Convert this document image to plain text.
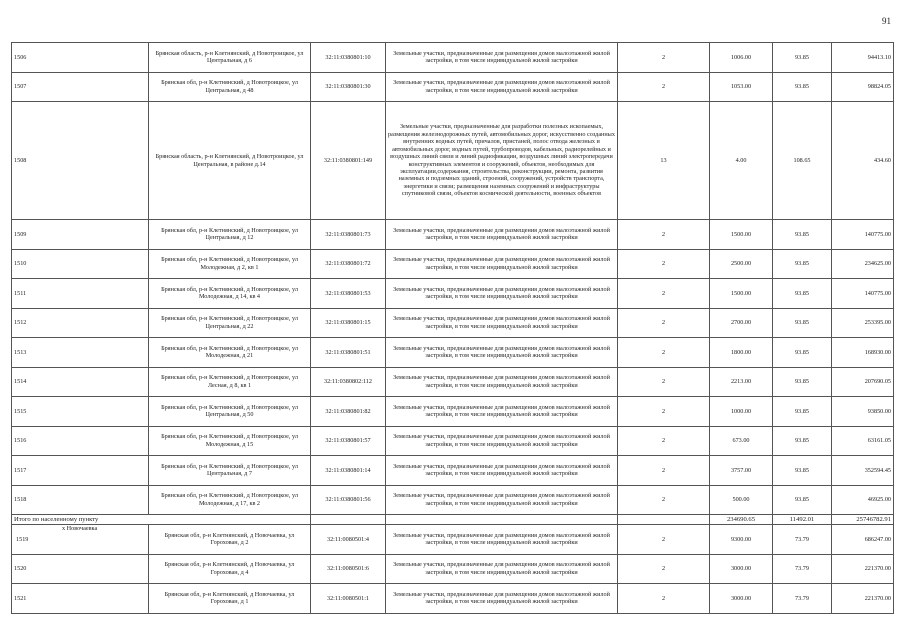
91
1506	Брянская область, р-н Клетнянский, д Новотроицкое, ул Центральная, д 6	32:11:0380801:10	Земельные участки, предназначенные для размещения домов малоэтажной жилой застройки, в том числе индивидуальной жилой застройки	2	1006.00	93.85	94413.10
1507	Брянская обл, р-н Клетнянский, д Новотроицкое, ул Центральная, д 48	32:11:0380801:30	Земельные участки, предназначенные для размещения домов малоэтажной жилой застройки, в том числе индивидуальной жилой застройки	2	1053.00	93.85	98824.05
1508	Брянская область, р-н Клетнянский, д Новотроицкое, ул Центральная, в районе д.14	32:11:0380801:149	Земельные участки, предназначенные для разработки полезных ископаемых, размещения железнодорожных путей, автомобильных дорог, искусственно созданных внутренних водных путей, причалов, пристаней, полос отвода железных и автомобильных дорог, водных путей, трубопроводов, кабельных, радиорелейных и воздушных линий связи и линий радиофикации, воздушных линий электропередачи конструктивных элементов и сооружений, объектов, необходимых для эксплуатации,содержания, строительства, реконструкции, ремонта, развития наземных и подземных зданий, строений, сооружений, устройств транспорта, энергетики и связи; размещения наземных сооружений и инфраструктуры спутниковой связи, объектов космической деятельности, военных объектов	13	4.00	108.65	434.60
1509	Брянская обл, р-н Клетнянский, д Новотроицкое, ул Центральная, д 12	32:11:0380801:73	Земельные участки, предназначенные для размещения домов малоэтажной жилой застройки, в том числе индивидуальной жилой застройки	2	1500.00	93.85	140775.00
1510	Брянская обл, р-н Клетнянский, д Новотроицкое, ул Молодежная, д 2, кв 1	32:11:0380801:72	Земельные участки, предназначенные для размещения домов малоэтажной жилой застройки, в том числе индивидуальной жилой застройки	2	2500.00	93.85	234625.00
1511	Брянская обл, р-н Клетнянский, д Новотроицкое, ул Молодежная, д 14, кв 4	32:11:0380801:53	Земельные участки, предназначенные для размещения домов малоэтажной жилой застройки, в том числе индивидуальной жилой застройки	2	1500.00	93.85	140775.00
1512	Брянская обл, р-н Клетнянский, д Новотроицкое, ул Центральная, д 22	32:11:0380801:15	Земельные участки, предназначенные для размещения домов малоэтажной жилой застройки, в том числе индивидуальной жилой застройки	2	2700.00	93.85	253395.00
1513	Брянская обл, р-н Клетнянский, д Новотроицкое, ул Молодежная, д 21	32:11:0380801:51	Земельные участки, предназначенные для размещения домов малоэтажной жилой застройки, в том числе индивидуальной жилой застройки	2	1800.00	93.85	168930.00
1514	Брянская обл, р-н Клетнянский, д Новотроицкое, ул Лесная, д 8, кв 1	32:11:0380802:112	Земельные участки, предназначенные для размещения домов малоэтажной жилой застройки, в том числе индивидуальной жилой застройки	2	2213.00	93.85	207690.05
1515	Брянская обл, р-н Клетнянский, д Новотроицкое, ул Центральная, д 50	32:11:0380801:82	Земельные участки, предназначенные для размещения домов малоэтажной жилой застройки, в том числе индивидуальной жилой застройки	2	1000.00	93.85	93850.00
1516	Брянская обл, р-н Клетнянский, д Новотроицкое, ул Молодежная, д 15	32:11:0380801:57	Земельные участки, предназначенные для размещения домов малоэтажной жилой застройки, в том числе индивидуальной жилой застройки	2	673.00	93.85	63161.05
1517	Брянская обл, р-н Клетнянский, д Новотроицкое, ул Центральная, д 7	32:11:0380801:14	Земельные участки, предназначенные для размещения домов малоэтажной жилой застройки, в том числе индивидуальной жилой застройки	2	3757.00	93.85	352594.45
1518	Брянская обл, р-н Клетнянский, д Новотроицкое, ул Молодежная, д 17, кв 2	32:11:0380801:56	Земельные участки, предназначенные для размещения домов малоэтажной жилой застройки, в том числе индивидуальной жилой застройки	2	500.00	93.85	46925.00
Итого по населенному пункту					234690.65	11492.01	25746782.91

х Новочаевка
1519	Брянская обл, р-н Клетнянский, д Новочаевка, ул Горохован, д 2	32:11:0080501:4	Земельные участки, предназначенные для размещения домов малоэтажной жилой застройки, в том числе индивидуальной жилой застройки	2	9300.00	73.79	686247.00
1520	Брянская обл, р-н Клетнянский, д Новочаевка, ул Горохован, д 4	32:11:0080501:6	Земельные участки, предназначенные для размещения домов малоэтажной жилой застройки, в том числе индивидуальной жилой застройки	2	3000.00	73.79	221370.00
1521	Брянская обл, р-н Клетнянский, д Новочаевка, ул Горохован, д 1	32:11:0080501:1	Земельные участки, предназначенные для размещения домов малоэтажной жилой застройки, в том числе индивидуальной жилой застройки	2	3000.00	73.79	221370.00
